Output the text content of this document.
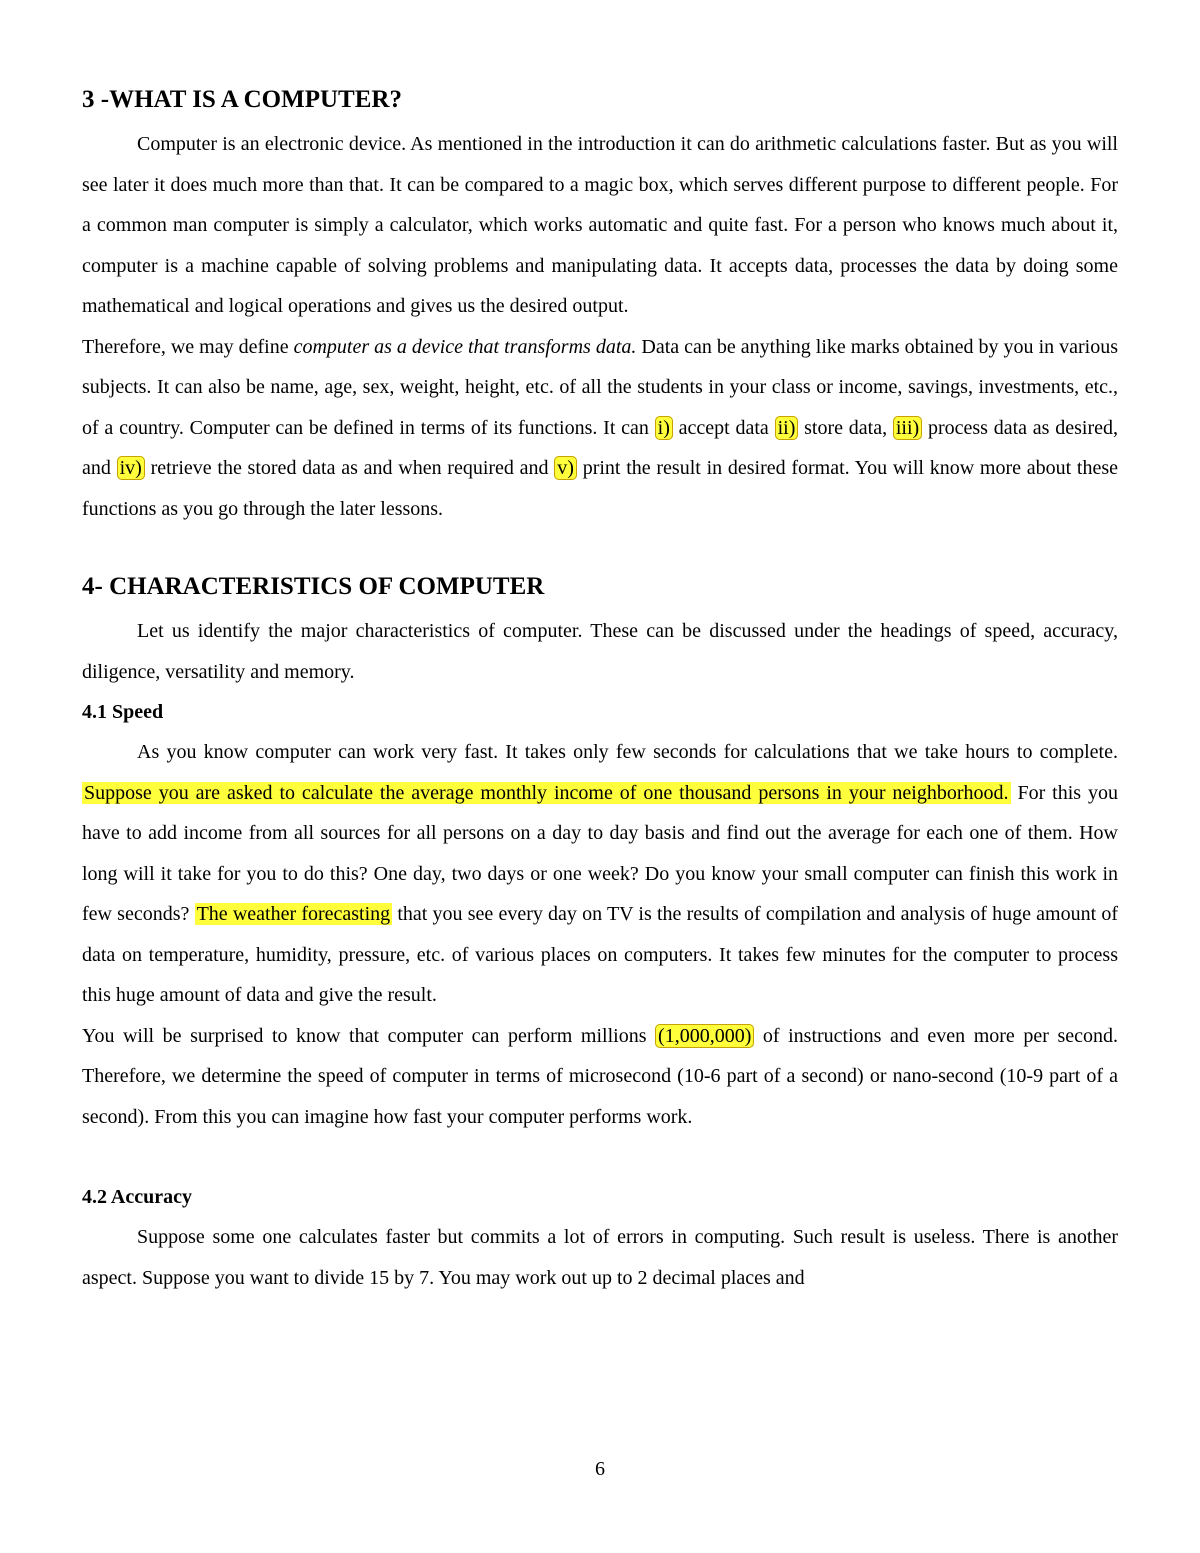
3 -WHAT IS A COMPUTER?

Computer is an electronic device. As mentioned in the introduction it can do arithmetic calculations faster. But as you will see later it does much more than that. It can be compared to a magic box, which serves different purpose to different people. For a common man computer is simply a calculator, which works automatic and quite fast. For a person who knows much about it, computer is a machine capable of solving problems and manipulating data. It accepts data, processes the data by doing some mathematical and logical operations and gives us the desired output.

Therefore, we may define computer as a device that transforms data. Data can be anything like marks obtained by you in various subjects. It can also be name, age, sex, weight, height, etc. of all the students in your class or income, savings, investments, etc., of a country. Computer can be defined in terms of its functions. It can i) accept data ii) store data, iii) process data as desired, and iv) retrieve the stored data as and when required and v) print the result in desired format. You will know more about these functions as you go through the later lessons.

4- CHARACTERISTICS OF COMPUTER

Let us identify the major characteristics of computer. These can be discussed under the headings of speed, accuracy, diligence, versatility and memory.

4.1 Speed

As you know computer can work very fast. It takes only few seconds for calculations that we take hours to complete. Suppose you are asked to calculate the average monthly income of one thousand persons in your neighborhood. For this you have to add income from all sources for all persons on a day to day basis and find out the average for each one of them. How long will it take for you to do this? One day, two days or one week? Do you know your small computer can finish this work in few seconds? The weather forecasting that you see every day on TV is the results of compilation and analysis of huge amount of data on temperature, humidity, pressure, etc. of various places on computers. It takes few minutes for the computer to process this huge amount of data and give the result.

You will be surprised to know that computer can perform millions (1,000,000) of instructions and even more per second. Therefore, we determine the speed of computer in terms of microsecond (10-6 part of a second) or nano-second (10-9 part of a second). From this you can imagine how fast your computer performs work.

4.2 Accuracy

Suppose some one calculates faster but commits a lot of errors in computing. Such result is useless. There is another aspect. Suppose you want to divide 15 by 7. You may work out up to 2 decimal places and

6
